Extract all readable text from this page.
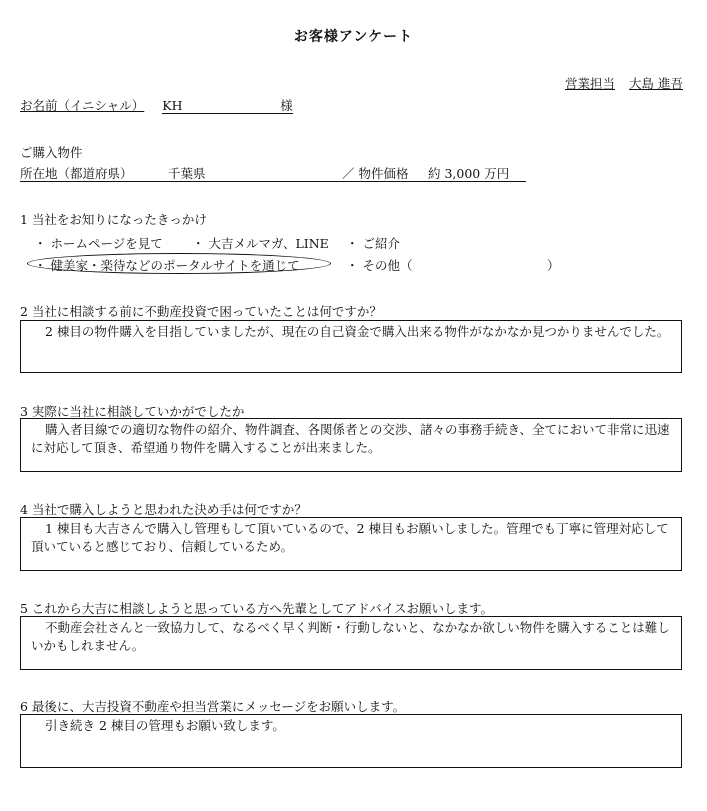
お客様アンケート
営業担当 大島 進吾
お名前（イニシャル） KH	様
ご購入物件
所在地（都道府県）	千葉県	／ 物件価格 約 3,000 万円
1 当社をお知りになったきっかけ
・ ホームページを見て ・ 大吉メルマガ、LINE ・ ご紹介
・ 健美家・楽待などのポータルサイトを通じて	・ その他（	）
2 当社に相談する前に不動産投資で困っていたことは何ですか？
2 棟目の物件購入を目指していましたが、現在の自己資金で購入出来る物件がなかなか見つかりませんでした。
3 実際に当社に相談していかがでしたか
購入者目線での適切な物件の紹介、物件調査、各関係者との交渉、諸々の事務手続き、全てにおいて非常に迅速に対応して頂き、希望通り物件を購入することが出来ました。
4 当社で購入しようと思われた決め手は何ですか？
1 棟目も大吉さんで購入し管理もして頂いているので、2 棟目もお願いしました。管理でも丁寧に管理対応して頂いていると感じており、信頼しているため。
5 これから大吉に相談しようと思っている方へ先輩としてアドバイスお願いします。
不動産会社さんと一致協力して、なるべく早く判断・行動しないと、なかなか欲しい物件を購入することは難しいかもしれません。
6 最後に、大吉投資不動産や担当営業にメッセージをお願いします。
引き続き 2 棟目の管理もお願い致します。
